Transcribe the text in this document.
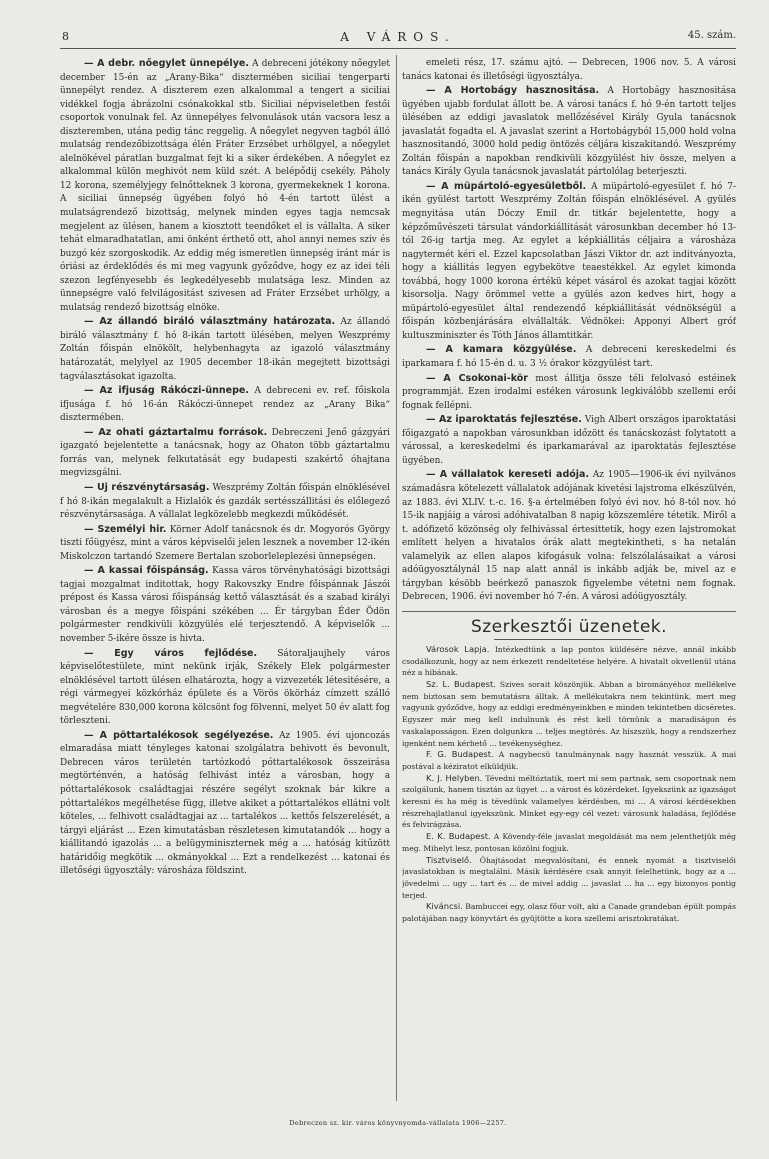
8	A VÁROS.	45. szám.

— A debr. nőegylet ünnepélye. A debreceni jótékony nőegylet december 15-én az „Arany-Bika“ disztermében siciliai tengerparti ünnepélyt rendez. A diszterem ezen alkalommal a tengert a siciliai vidékkel fogja ábrázolni csónakokkal stb. Siciliai népviseletben festői csoportok vonulnak fel. Az ünnepélyes felvonulások után vacsora lesz a diszteremben, utána pedig tánc reggelig. A nőegylet negyven tagból álló mulatság rendezőbizottsága élén Fráter Erzsébet urhölgyel, a nőegylet alelnökével páratlan buzgalmat fejt ki a siker érdekében. A nőegylet ez alkalommal külön meghivót nem küld szét. A belépődij csekély. Páholy 12 korona, személyjegy felnőtteknek 3 korona, gyermekeknek 1 korona. A siciliai ünnepség ügyében folyó hó 4-én tartott ülést a mulatságrendező bizottság, melynek minden egyes tagja nemcsak megjelent az ülésen, hanem a kiosztott teendőket el is vállalta. A siker tehát elmaradhatatlan, ami önként érthető ott, ahol annyi nemes sziv és buzgó kéz szorgoskodik. Az eddig még ismeretlen ünnepség iránt már is óriási az érdeklődés és mi meg vagyunk győződve, hogy ez az idei téli szezon legfényesebb és legkedélyesebb mulatsága lesz. Minden az ünnepségre való felvilágositást szivesen ad Fráter Erzsébet urhölgy, a mulatság rendező bizottság elnöke.

— Az állandó biráló választmány határozata. Az állandó biráló választmány f. hó 8-ikán tartott ülésében, melyen Weszprémy Zoltán főispán elnökölt, helybenhagyta az igazoló választmány határozatát, melylyel az 1905 december 18-ikán megejtett bizottsági tagválasztásokat igazolta.

— Az ifjuság Rákóczi-ünnepe. A debreceni ev. ref. főiskola ifjusága f. hó 16-án Rákóczi-ünnepet rendez az „Arany Bika“ disztermében.

— Az ohati gáztartalmu források. Debreczeni Jenő gázgyári igazgató bejelentette a tanácsnak, hogy az Ohaton több gáztartalmu forrás van, melynek felkutatását egy budapesti szakértő óhajtana megvizsgálni.

— Uj részvénytársaság. Weszprémy Zoltán főispán elnöklésével f hó 8-ikán megalakult a Hizlalók és gazdák sertésszállitási és előlegező részvénytársasága. A vállalat legközelebb megkezdi működését.

— Személyi hir. Körner Adolf tanácsnok és dr. Mogyorós György tiszti főügyész, mint a város képviselői jelen lesznek a november 12-ikén Miskolczon tartandó Szemere Bertalan szoborleleplezési ünnepségen.

— A kassai főispánság. Kassa város törvényhatósági bizottsági tagjai mozgalmat inditottak, hogy Rakovszky Endre főispánnak Jászói prépost és Kassa városi főispánság kettő választását és a szabad királyi városban és a megye főispáni székében ... Ér tárgyban Éder Ödön polgármester rendkivüli közgyülés elé terjesztendő. A képviselők ... november 5-ikére össze is hivta.

— Egy város fejlődése. Sátoraljaujhely város képviselőtestülete, mint nekünk irják, Székely Elek polgármester elnöklésével tartott ülésen elhatározta, hogy a vizvezeték létesitésére, a régi vármegyei közkórház épülete és a Vörös ökörház címzett szálló megvételére 830,000 korona kölcsönt fog fölvenni, melyet 50 év alatt fog törleszteni.

— A pöttartalékosok segélyezése. Az 1905. évi ujoncozás elmaradása miatt tényleges katonai szolgálatra behivott és bevonult, Debrecen város területén tartózkodó póttartalékosok összeirása megtörténvén, a hatóság felhivást intéz a városban, hogy a póttartalékosok családtagjai részére segélyt szoknak bár kikre a póttartalékos megélhetése függ, illetve akiket a póttartalékos ellátni volt köteles, ... felhivott családtagjai az ... tartalékos ... kettős felszerelését, a tárgyi eljárást ... Ezen kimutatásban részletesen kimutatandók ... hogy a kiállitandó igazolás ... a belügyminiszternek még a ... hatóság kitűzött határidőig megkötik ... okmányokkal ... Ezt a rendelkezést ... katonai és illetőségi ügyosztály: városháza földszint.

emeleti rész, 17. számu ajtó. — Debrecen, 1906 nov. 5. A városi tanács katonai és illetőségi ügyosztálya.

— A Hortobágy hasznositása. A Hortobágy hasznositása ügyében ujabb fordulat állott be. A városi tanács f. hó 9-én tartott teljes ülésében az eddigi javaslatok mellőzésével Király Gyula tanácsnok javaslatát fogadta el. A javaslat szerint a Hortobágyból 15,000 hold volna hasznositandó, 3000 hold pedig öntözés céljára kiszakitandó. Weszprémy Zoltán főispán a napokban rendkivüli közgyülést hiv össze, melyen a tanács Király Gyula tanácsnok javaslatát pártolólag beterjeszti.

— A müpártoló-egyesületből. A müpártoló-egyesület f. hó 7-ikén gyülést tartott Weszprémy Zoltán főispán elnöklésével. A gyülés megnyitása után Dóczy Emil dr. titkár bejelentette, hogy a képzőművészeti társulat vándorkiállitását városunkban december hó 13-tól 26-ig tartja meg. Az egylet a képkiállitás céljaira a városháza nagytermét kéri el. Ezzel kapcsolatban Jászi Viktor dr. azt inditványozta, hogy a kiállitás legyen egybekötve teaestékkel. Az egylet kimonda továbbá, hogy 1000 korona értékü képet vásárol és azokat tagjai között kisorsolja. Nagy örömmel vette a gyülés azon kedves hirt, hogy a müpártoló-egyesület által rendezendő képkiállitását védnökségül a főispán közbenjárására elvállalták. Védnökei: Apponyi Albert gróf kultuszminiszter és Tóth János államtitkár.

— A kamara közgyülése. A debreceni kereskedelmi és iparkamara f. hó 15-én d. u. 3 ½ órakor közgyülést tart.

— A Csokonai-kör most állitja össze téli felolvasó estéinek programmját. Ezen irodalmi estéken városunk legkiválóbb szellemi erői fognak fellépni.

— Az iparoktatás fejlesztése. Vigh Albert országos iparoktatási főigazgató a napokban városunkban időzött és tanácskozást folytatott a várossal, a kereskedelmi és iparkamarával az iparoktatás fejlesztése ügyében.

— A vállalatok kereseti adója. Az 1905—1906-ik évi nyilvános számadásra kötelezett vállalatok adójának kivetési lajstroma elkészülvén, az 1883. évi XLIV. t.-c. 16. §-a értelmében folyó évi nov. hó 8-tól nov. hó 15-ik napjáig a városi adóhivatalban 8 napig közszemlére tétetik. Miről a t. adófizető közönség oly felhivással értesittetik, hogy ezen lajstromokat említett helyen a hivatalos órák alatt megtekintheti, s ha netalán valamelyik az ellen alapos kifogásuk volna: felszólalásaikat a városi adóügyosztálynál 15 nap alatt annál is inkább adják be, mivel az e tárgyban késöbb beérkező panaszok figyelembe vétetni nem fognak. Debrecen, 1906. évi november hó 7-én. A városi adóügyosztály.

Szerkesztői üzenetek.

Városok Lapja. Intézkedtünk a lap pontos küldésére nézve, annál inkább csodálkozunk, hogy az nem érkezett rendeltetése helyére. A hivatalt okvetlenül utána néz a hibának.

Sz. L. Budapest. Szives sorait köszönjük. Abban a birományéhoz mellékelve nem biztosan sem bemutatásra álltak. A mellékutakra nem tekintünk, mert meg vagyunk győződve, hogy az eddigi eredményeinkben e minden tekintetben dicséretes. Egyszer már meg kell indulnunk és rést kell törnünk a maradiságon és vaskalaposságon. Ezen dolgunkra ... teljes megtörés. Az hiszszük, hogy a rendszerhez igenként nem kérhető ... tevékenységhez.

F. G. Budapest. A nagybecsü tanulmánynak nagy hasznát vesszük. A mai postával a kéziratot elküldjük.

K. J. Helyben. Tévedni méltóztatik, mert mi sem partnak, sem csoportnak nem szolgálunk, hanem tisztán az ügyet ... a várost és közérdeket. Igyekszünk az igazságot keresni és ha még is tévedünk valamelyes kérdésben, mi ... A városi kérdésekben részrehajlatlanul igyekszünk. Minket egy-egy cél vezet: városunk haladása, fejlődése és felvirágzása.

E. K. Budapest. A Kövendy-féle javaslat megoldását ma nem jelenthetjük még meg. Mihelyt lesz, pontosan közölni fogjuk.

Tisztviselő. Óhajtásodat megvalósítani, és ennek nyomát a tisztviselői javaslatokban is megtalálni. Másik kérdésére csak annyit felelhetünk, hogy az a ... jövedelmi ... ugy ... tart és ... de mivel addig ... javaslat ... ha ... egy bizonyos pontig terjed.

Kiváncsi. Bambuccei egy, olasz főur volt, aki a Canade grandeban épült pompás palotájában nagy könyvtárt és gyüjtötte a kora szellemi arisztokratákat.

Debreczen sz. kir. város könyvnyomda-vállalata 1906—2257.
